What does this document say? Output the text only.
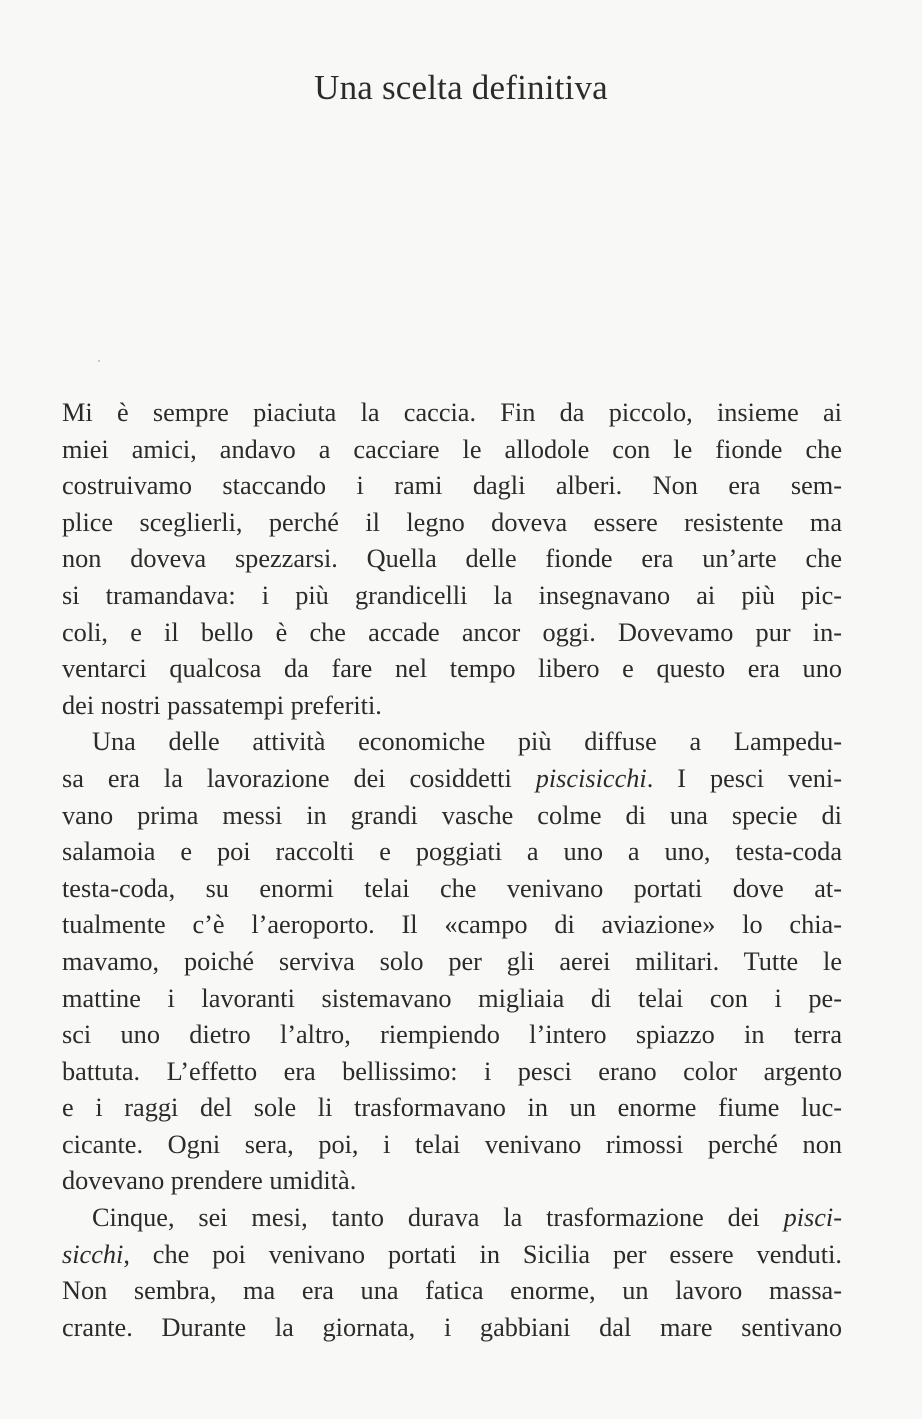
Una scelta definitiva
Mi è sempre piaciuta la caccia. Fin da piccolo, insieme ai
miei amici, andavo a cacciare le allodole con le fionde che
costruivamo staccando i rami dagli alberi. Non era sem-
plice sceglierli, perché il legno doveva essere resistente ma
non doveva spezzarsi. Quella delle fionde era un’arte che
si tramandava: i più grandicelli la insegnavano ai più pic-
coli, e il bello è che accade ancor oggi. Dovevamo pur in-
ventarci qualcosa da fare nel tempo libero e questo era uno
dei nostri passatempi preferiti.
Una delle attività economiche più diffuse a Lampedu-
sa era la lavorazione dei cosiddetti piscisicchi. I pesci veni-
vano prima messi in grandi vasche colme di una specie di
salamoia e poi raccolti e poggiati a uno a uno, testa-coda
testa-coda, su enormi telai che venivano portati dove at-
tualmente c’è l’aeroporto. Il «campo di aviazione» lo chia-
mavamo, poiché serviva solo per gli aerei militari. Tutte le
mattine i lavoranti sistemavano migliaia di telai con i pe-
sci uno dietro l’altro, riempiendo l’intero spiazzo in terra
battuta. L’effetto era bellissimo: i pesci erano color argento
e i raggi del sole li trasformavano in un enorme fiume luc-
cicante. Ogni sera, poi, i telai venivano rimossi perché non
dovevano prendere umidità.
Cinque, sei mesi, tanto durava la trasformazione dei pisci-
sicchi, che poi venivano portati in Sicilia per essere venduti.
Non sembra, ma era una fatica enorme, un lavoro massa-
crante. Durante la giornata, i gabbiani dal mare sentivano
